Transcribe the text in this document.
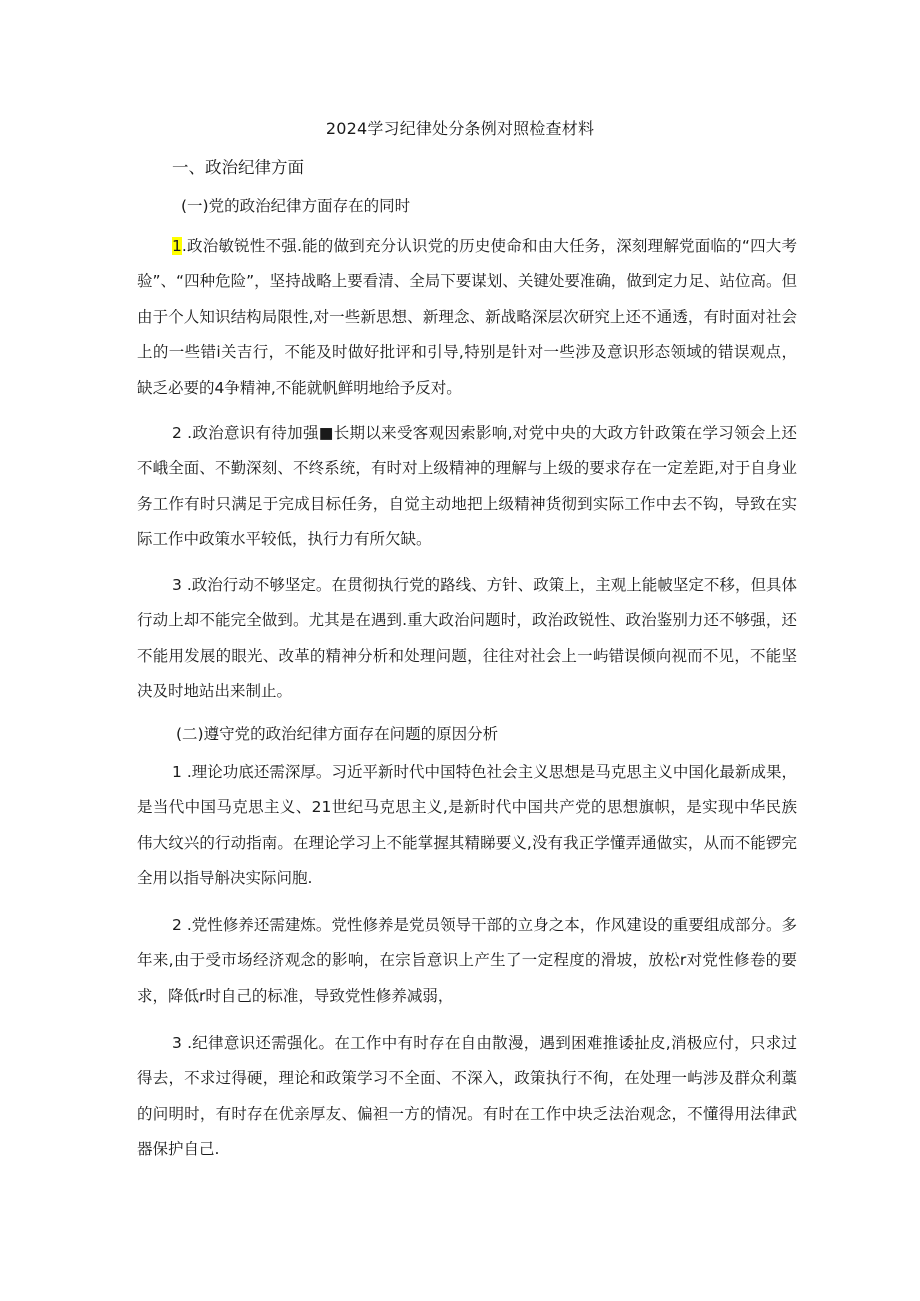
2024学习纪律处分条例对照检查材料
一、政治纪律方面
(一)党的政治纪律方面存在的同时

1.政治敏锐性不强.能的做到充分认识党的历史使命和由大任务，深刻理解党面临的“四大考验”、“四种危险”，坚持战略上要看清、全局下要谋划、关键处要准确，做到定力足、站位高。但由于个人知识结构局限性,对一些新思想、新理念、新战略深层次研究上还不通透，有时面对社会上的一些错i关吉行，不能及时做好批评和引导,特别是针对一些涉及意识形态领域的错误观点，缺乏必要的4争精神,不能就帆鲜明地给予反对。

2 .政治意识有待加强■长期以来受客观因索影响,对党中央的大政方针政策在学习领会上还不峨全面、不勤深刻、不终系统，有时对上级精神的理解与上级的要求存在一定差距,对于自身业务工作有时只满足于完成目标任务，自觉主动地把上级精神货彻到实际工作中去不钩，导致在实际工作中政策水平较低，执行力有所欠缺。

3 .政治行动不够坚定。在贯彻执行党的路线、方针、政策上，主观上能帔坚定不移，但具体行动上却不能完全做到。尤其是在遇到.重大政治问题时，政治政锐性、政治鉴别力还不够强，还不能用发展的眼光、改革的精神分析和处理问题，往往对社会上一屿错误倾向视而不见，不能坚决及时地站出来制止。

(二)遵守党的政治纪律方面存在问题的原因分析

1 .理论功底还需深厚。习近平新时代中国特色社会主义思想是马克思主义中国化最新成果，是当代中国马克思主义、21世纪马克思主义,是新时代中国共产党的思想旗帜，是实现中华民族伟大纹兴的行动指南。在理论学习上不能掌握其精睇要义,没有我正学懂弄通做实，从而不能锣完全用以指导斛决实际问胞.

2 .党性修养还需建炼。党性修养是党员领导干部的立身之本，作风建设的重要组成部分。多年来,由于受市场经济观念的影响，在宗旨意识上产生了一定程度的滑坡，放松r对党性修卷的要求，降低r时自己的标准，导致党性修养减弱，

3 .纪律意识还需强化。在工作中有时存在自由散漫，遇到困难推诿扯皮,消极应付，只求过得去，不求过得硬，理论和政策学习不全面、不深入，政策执行不徇，在处理一屿涉及群众利藁的问明时，有时存在优亲厚友、偏袒一方的情况。有时在工作中块乏法治观念，不懂得用法律武器保护自己.
